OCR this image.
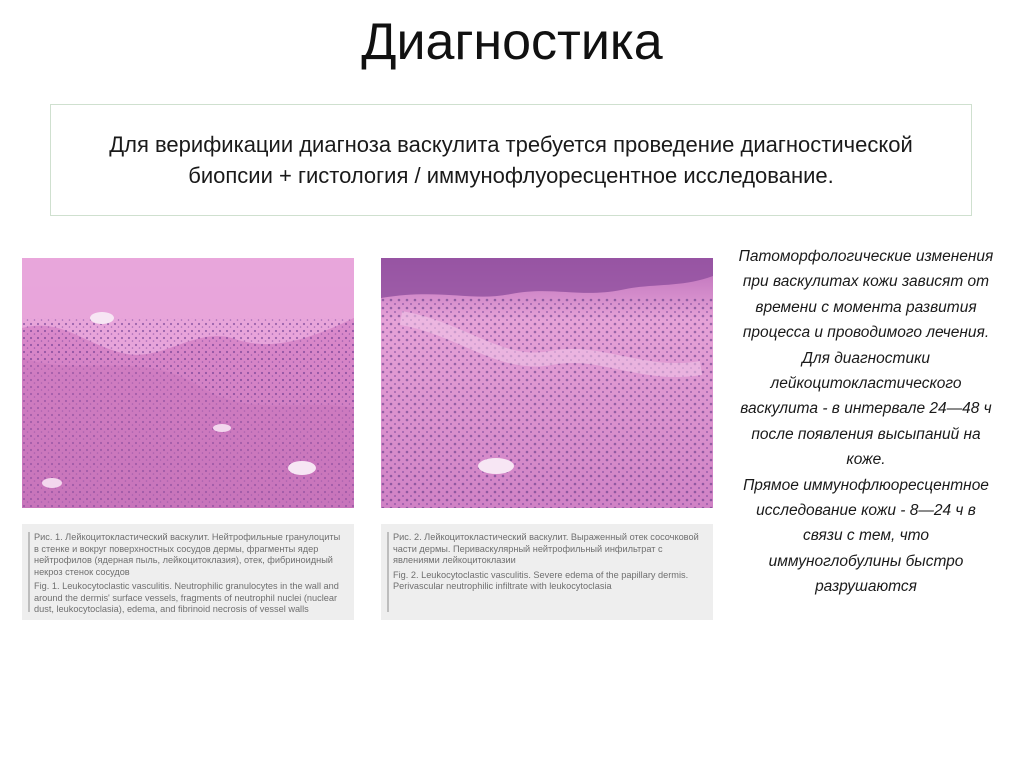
Диагностика
Для верификации диагноза васкулита требуется проведение диагностической биопсии + гистология / иммунофлуоресцентное исследование.

Рис. 1. Лейкоцитокластический васкулит. Нейтрофильные гранулоциты в стенке и вокруг поверхностных сосудов дермы, фрагменты ядер нейтрофилов (ядерная пыль, лейкоцитоклазия), отек, фибриноидный некроз стенок сосудов

Fig. 1. Leukocytoclastic vasculitis. Neutrophilic granulocytes in the wall and around the dermis' surface vessels, fragments of neutrophil nuclei (nuclear dust, leukocytoclasia), edema, and fibrinoid necrosis of vessel walls

Рис. 2. Лейкоцитокластический васкулит. Выраженный отек сосочковой части дермы. Периваскулярный нейтрофильный инфильтрат с явлениями лейкоцитоклазии

Fig. 2. Leukocytoclastic vasculitis. Severe edema of the papillary dermis. Perivascular neutrophilic infiltrate with leukocytoclasia

Патоморфологические изменения при васкулитах кожи зависят от времени с момента развития процесса и проводимого лечения.

Для диагностики лейкоцитокластического васкулита - в интервале 24—48 ч после появления высыпаний на коже.

Прямое иммунофлюоресцентное исследование кожи - 8—24 ч в связи с тем, что иммуноглобулины быстро разрушаются
